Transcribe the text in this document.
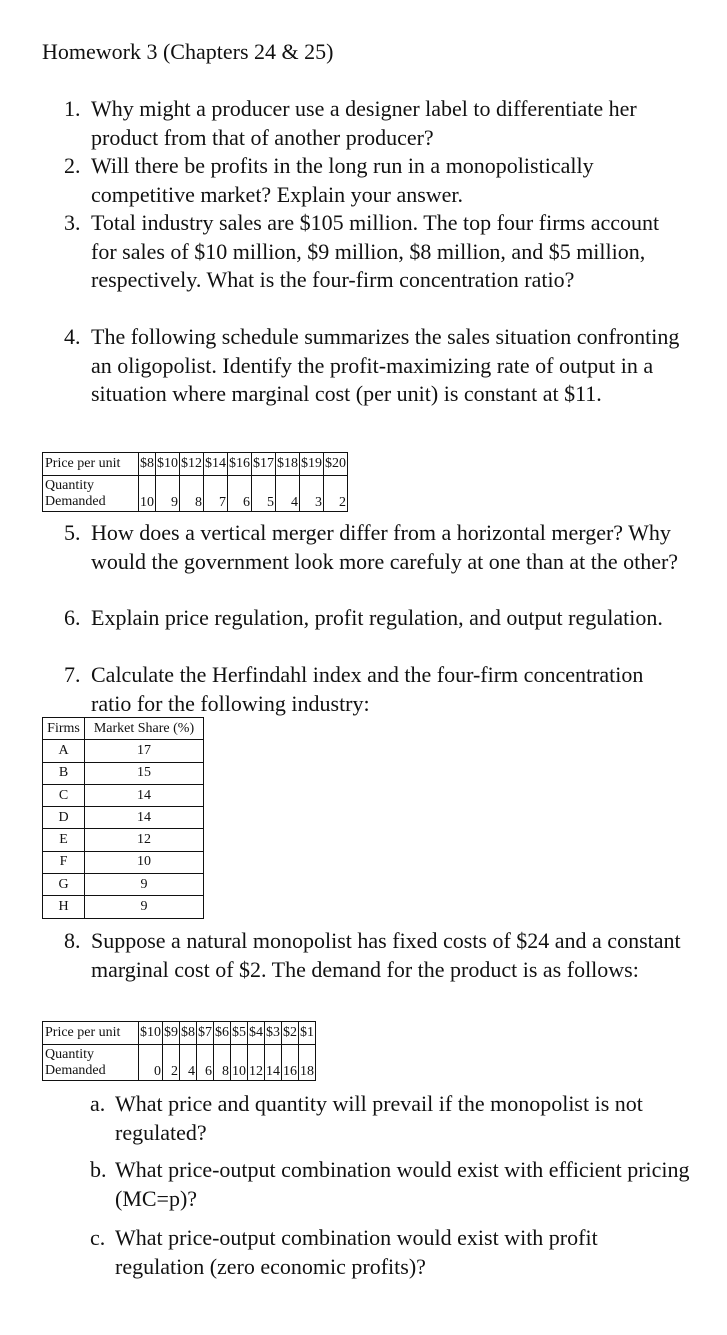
Homework 3 (Chapters 24 & 25)
1. Why might a producer use a designer label to differentiate her product from that of another producer?
2. Will there be profits in the long run in a monopolistically competitive market? Explain your answer.
3. Total industry sales are $105 million. The top four firms account for sales of $10 million, $9 million, $8 million, and $5 million, respectively. What is the four-firm concentration ratio?
4. The following schedule summarizes the sales situation confronting an oligopolist. Identify the profit-maximizing rate of output in a situation where marginal cost (per unit) is constant at $11.
Price per unit	$8	$10	$12	$14	$16	$17	$18	$19	$20
Quantity Demanded	10	9	8	7	6	5	4	3	2
5. How does a vertical merger differ from a horizontal merger? Why would the government look more carefuly at one than at the other?
6. Explain price regulation, profit regulation, and output regulation.
7. Calculate the Herfindahl index and the four-firm concentration ratio for the following industry:
Firms	Market Share (%)
A	17
B	15
C	14
D	14
E	12
F	10
G	9
H	9
8. Suppose a natural monopolist has fixed costs of $24 and a constant marginal cost of $2. The demand for the product is as follows:
Price per unit	$10	$9	$8	$7	$6	$5	$4	$3	$2	$1
Quantity Demanded	0	2	4	6	8	10	12	14	16	18
a. What price and quantity will prevail if the monopolist is not regulated?
b. What price-output combination would exist with efficient pricing (MC=p)?
c. What price-output combination would exist with profit regulation (zero economic profits)?
